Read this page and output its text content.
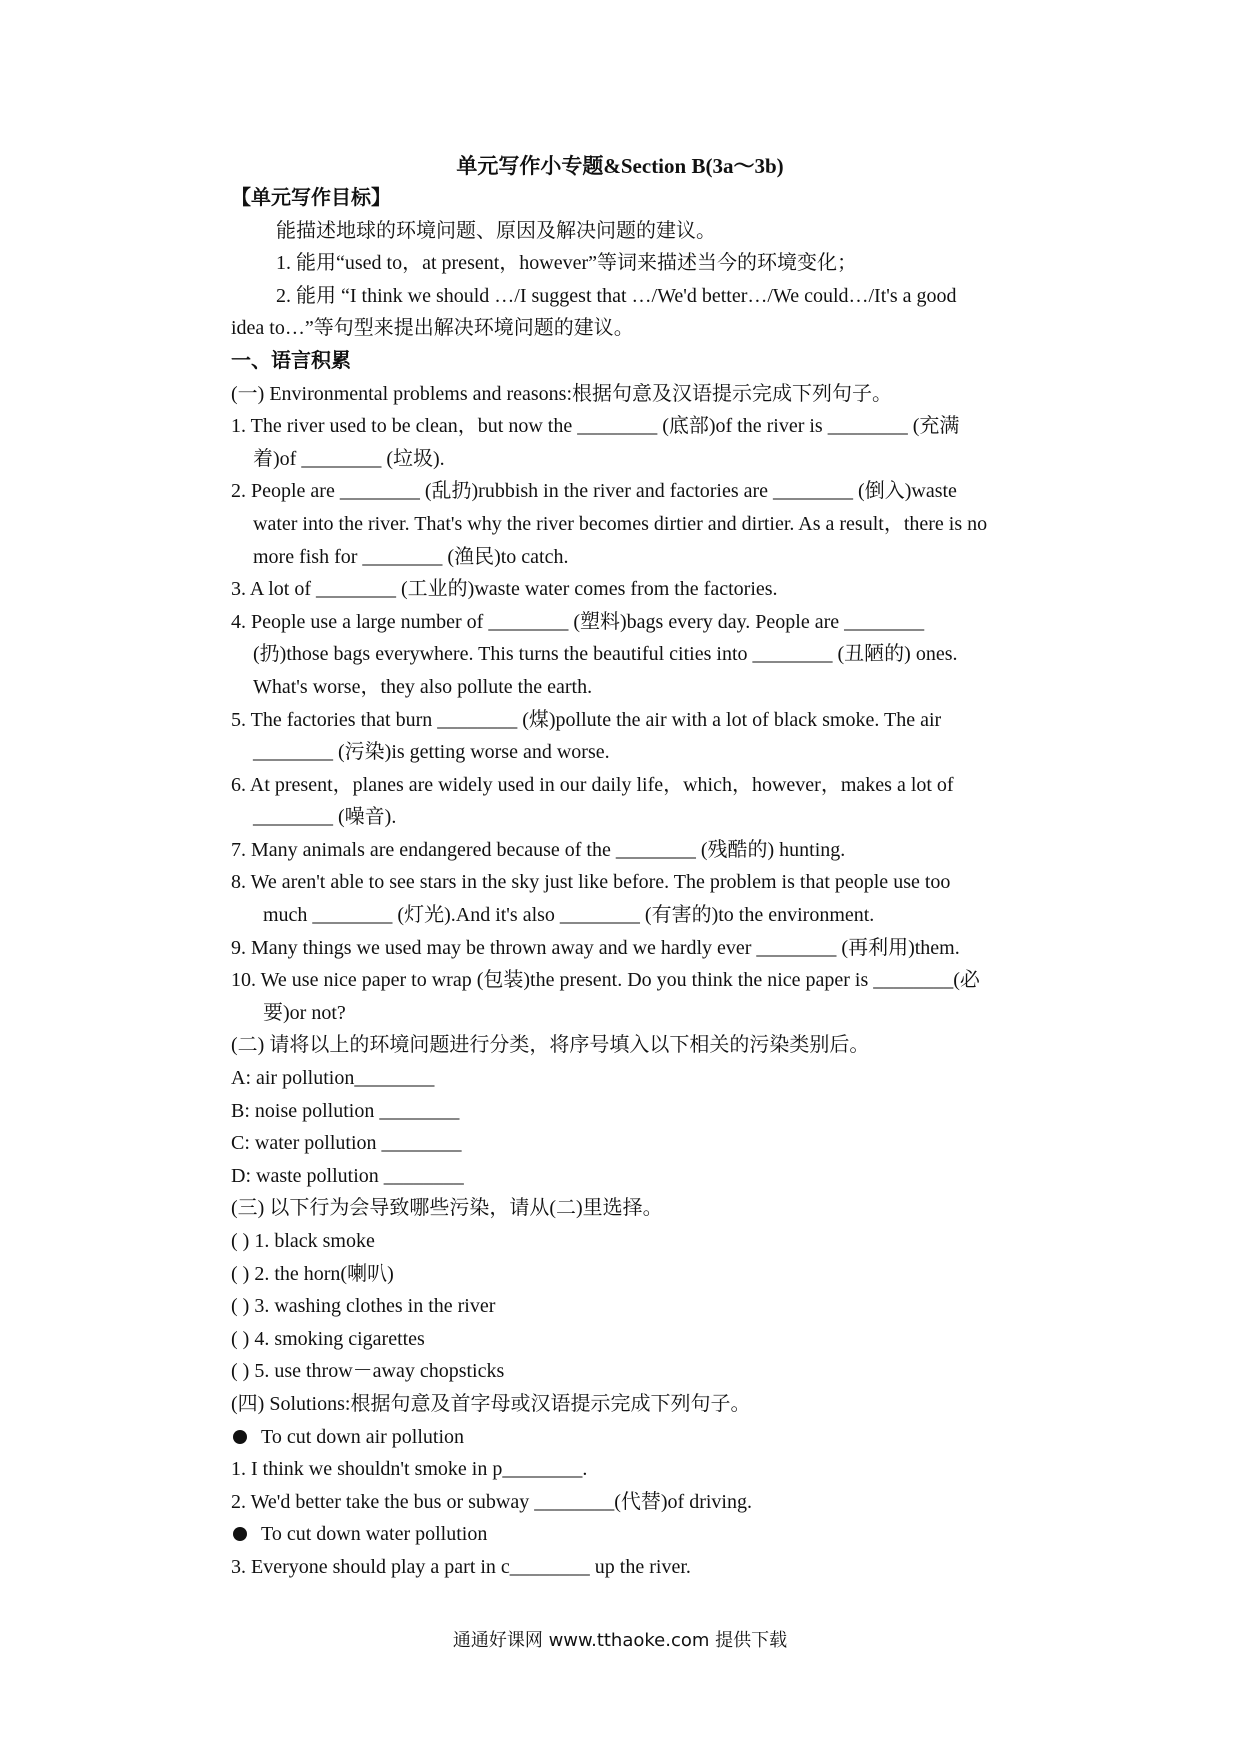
单元写作小专题&Section B(3a～3b)
【单元写作目标】
能描述地球的环境问题、原因及解决问题的建议。
1. 能用“used to，at present，however”等词来描述当今的环境变化；
2. 能用 “I think we should …/I suggest that …/We'd better…/We could…/It's a good
idea to…”等句型来提出解决环境问题的建议。
一、语言积累
(一) Environmental problems and reasons:根据句意及汉语提示完成下列句子。
1. The river used to be clean，but now the ________ (底部)of the river is ________ (充满
着)of ________ (垃圾).
2. People are ________ (乱扔)rubbish in the river and factories are ________ (倒入)waste
water into the river. That's why the river becomes dirtier and dirtier. As a result，there is no
more fish for ________ (渔民)to catch.
3. A lot of ________ (工业的)waste water comes from the factories.
4. People use a large number of ________ (塑料)bags every day. People are ________
(扔)those bags everywhere. This turns the beautiful cities into ________ (丑陋的) ones.
What's worse，they also pollute the earth.
5. The factories that burn ________ (煤)pollute the air with a lot of black smoke. The air
________ (污染)is getting worse and worse.
6. At present，planes are widely used in our daily life，which，however，makes a lot of
________ (噪音).
7. Many animals are endangered because of the ________ (残酷的) hunting.
8. We aren't able to see stars in the sky just like before. The problem is that people use too
much ________ (灯光).And it's also ________ (有害的)to the environment.
9. Many things we used may be thrown away and we hardly ever ________ (再利用)them.
10. We use nice paper to wrap (包装)the present. Do you think the nice paper is ________(必
要)or not?
(二) 请将以上的环境问题进行分类，将序号填入以下相关的污染类别后。
A: air pollution________
B: noise pollution ________
C: water pollution ________
D: waste pollution ________
(三) 以下行为会导致哪些污染，请从(二)里选择。
( ) 1. black smoke
( ) 2. the horn(喇叭)
( ) 3. washing clothes in the river
( ) 4. smoking cigarettes
( ) 5. use throw－away chopsticks
(四) Solutions:根据句意及首字母或汉语提示完成下列句子。
To cut down air pollution
1. I think we shouldn't smoke in p________.
2. We'd better take the bus or subway ________(代替)of driving.
To cut down water pollution
3. Everyone should play a part in c________ up the river.
通通好课网 www.tthaoke.com 提供下载
